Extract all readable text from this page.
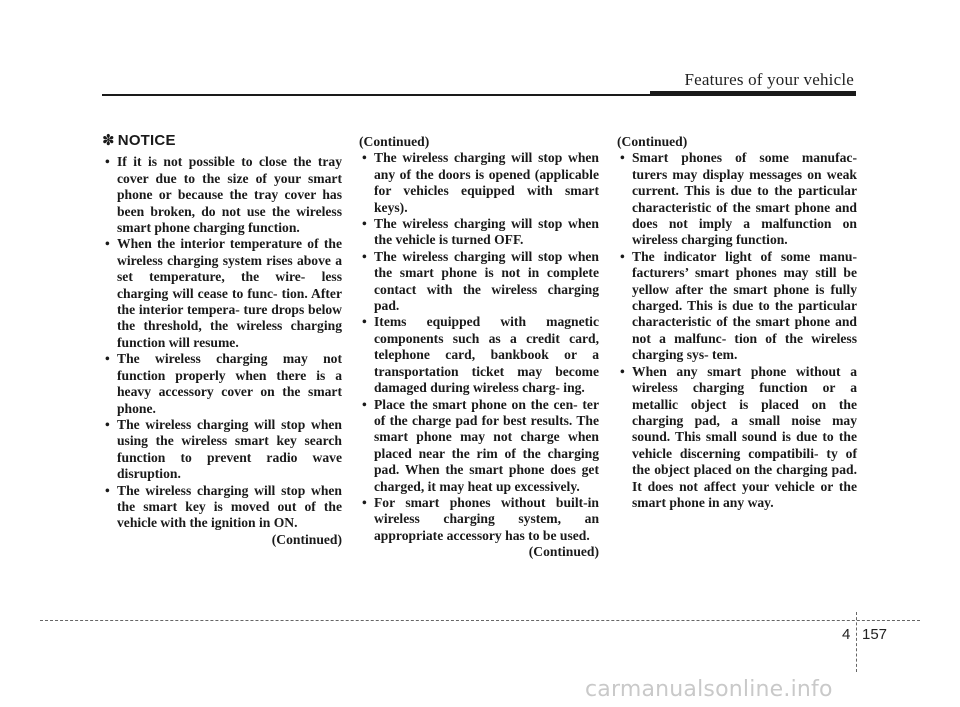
Features of your vehicle
✽ NOTICE
• If it is not possible to close the tray cover due to the size of your smart phone or because the tray cover has been broken, do not use the wireless smart phone charging function.
• When the interior temperature of the wireless charging system rises above a set temperature, the wire- less charging will cease to func- tion. After the interior tempera- ture drops below the threshold, the wireless charging function will resume.
• The wireless charging may not function properly when there is a heavy accessory cover on the smart phone.
• The wireless charging will stop when using the wireless smart key search function to prevent radio wave disruption.
• The wireless charging will stop when the smart key is moved out of the vehicle with the ignition in ON.
(Continued)
(Continued)
• The wireless charging will stop when any of the doors is opened (applicable for vehicles equipped with smart keys).
• The wireless charging will stop when the vehicle is turned OFF.
• The wireless charging will stop when the smart phone is not in complete contact with the wireless charging pad.
• Items equipped with magnetic components such as a credit card, telephone card, bankbook or a transportation ticket may become damaged during wireless charg- ing.
• Place the smart phone on the cen- ter of the charge pad for best results. The smart phone may not charge when placed near the rim of the charging pad. When the smart phone does get charged, it may heat up excessively.
• For smart phones without built-in wireless charging system, an appropriate accessory has to be used.
(Continued)
(Continued)
• Smart phones of some manufac- turers may display messages on weak current. This is due to the particular characteristic of the smart phone and does not imply a malfunction on wireless charging function.
• The indicator light of some manu- facturers’ smart phones may still be yellow after the smart phone is fully charged. This is due to the particular characteristic of the smart phone and not a malfunc- tion of the wireless charging sys- tem.
• When any smart phone without a wireless charging function or a metallic object is placed on the charging pad, a small noise may sound. This small sound is due to the vehicle discerning compatibili- ty of the object placed on the charging pad. It does not affect your vehicle or the smart phone in any way.
4 157
carmanualsonline.info
